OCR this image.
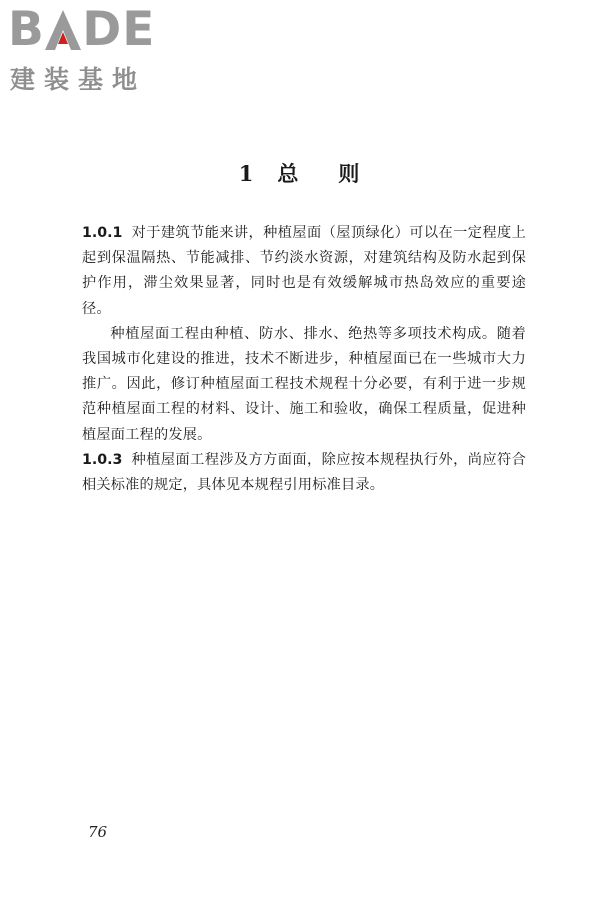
B DE
建装基地
1 总 则

1.0.1 对于建筑节能来讲，种植屋面（屋顶绿化）可以在一定程度上起到保温隔热、节能减排、节约淡水资源，对建筑结构及防水起到保护作用，滞尘效果显著，同时也是有效缓解城市热岛效应的重要途径。

种植屋面工程由种植、防水、排水、绝热等多项技术构成。随着我国城市化建设的推进，技术不断进步，种植屋面已在一些城市大力推广。因此，修订种植屋面工程技术规程十分必要，有利于进一步规范种植屋面工程的材料、设计、施工和验收，确保工程质量，促进种植屋面工程的发展。

1.0.3 种植屋面工程涉及方方面面，除应按本规程执行外，尚应符合相关标准的规定，具体见本规程引用标准目录。

76
